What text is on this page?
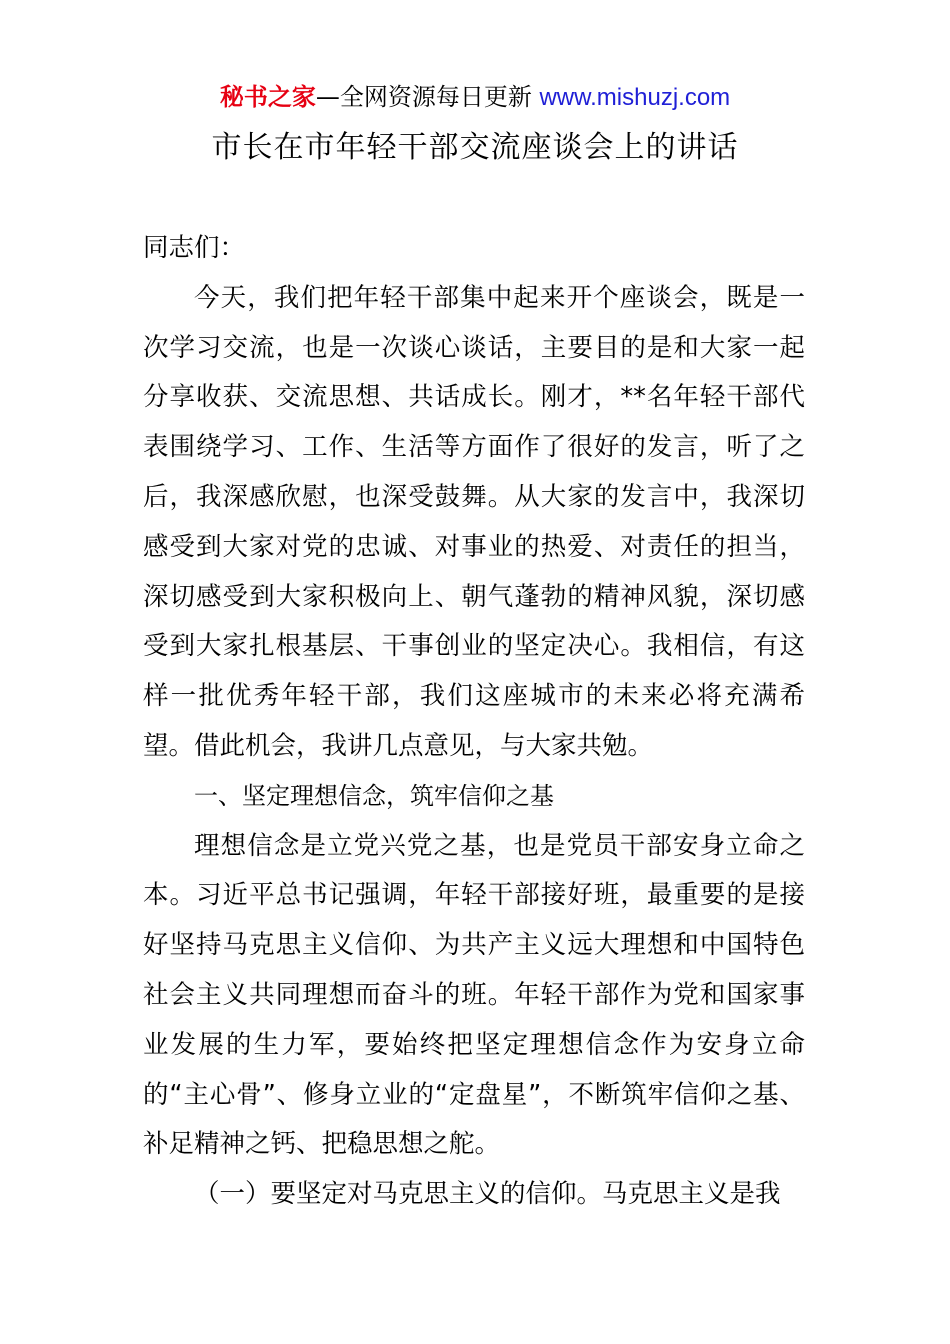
秘书之家—全网资源每日更新 www.mishuzj.com
市长在市年轻干部交流座谈会上的讲话

同志们：

今天，我们把年轻干部集中起来开个座谈会，既是一次学习交流，也是一次谈心谈话，主要目的是和大家一起分享收获、交流思想、共话成长。刚才，**名年轻干部代表围绕学习、工作、生活等方面作了很好的发言，听了之后，我深感欣慰，也深受鼓舞。从大家的发言中，我深切感受到大家对党的忠诚、对事业的热爱、对责任的担当，深切感受到大家积极向上、朝气蓬勃的精神风貌，深切感受到大家扎根基层、干事创业的坚定决心。我相信，有这样一批优秀年轻干部，我们这座城市的未来必将充满希望。借此机会，我讲几点意见，与大家共勉。

一、坚定理想信念，筑牢信仰之基

理想信念是立党兴党之基，也是党员干部安身立命之本。习近平总书记强调，年轻干部接好班，最重要的是接好坚持马克思主义信仰、为共产主义远大理想和中国特色社会主义共同理想而奋斗的班。年轻干部作为党和国家事业发展的生力军，要始终把坚定理想信念作为安身立命的“主心骨”、修身立业的“定盘星”，不断筑牢信仰之基、补足精神之钙、把稳思想之舵。

（一）要坚定对马克思主义的信仰。马克思主义是我
